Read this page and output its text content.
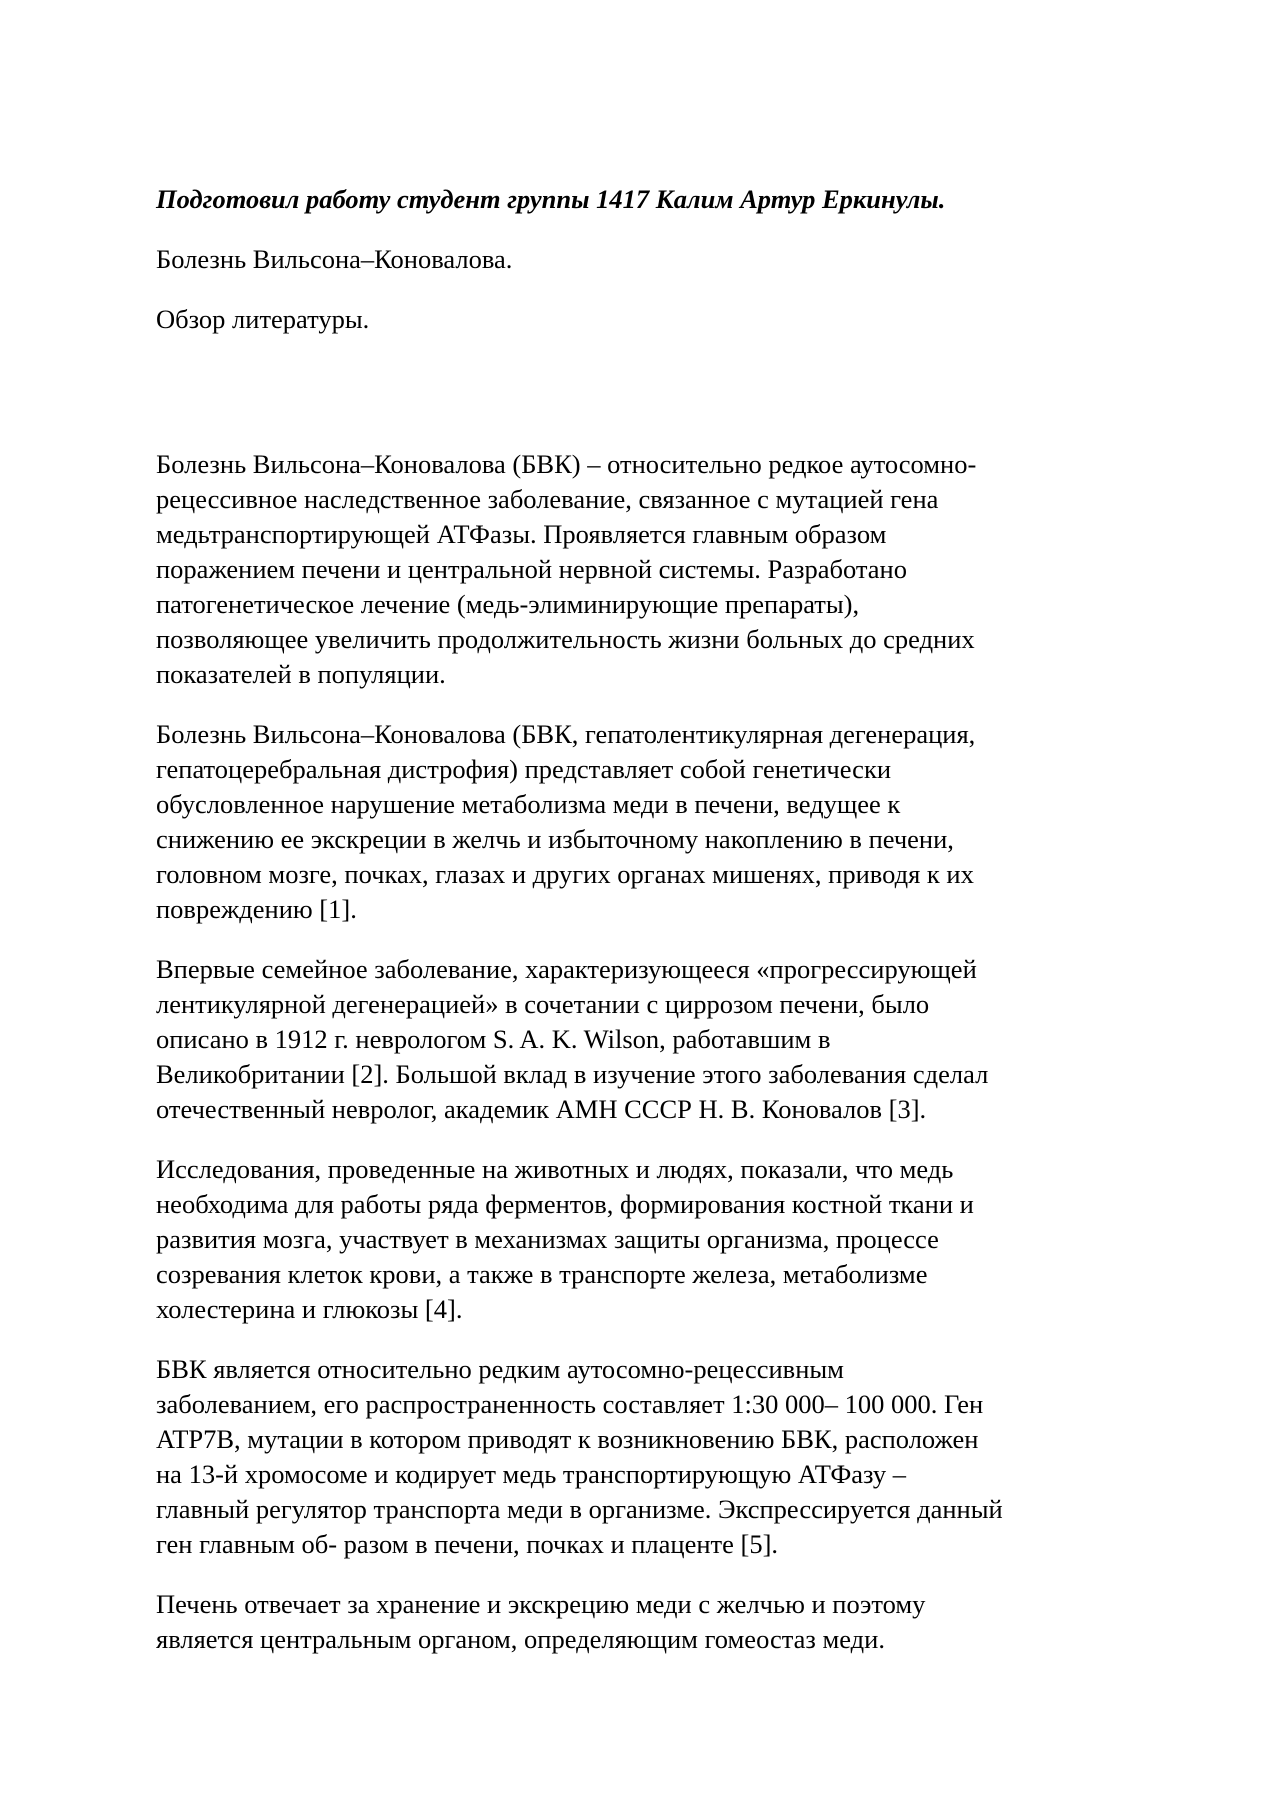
Подготовил работу студент группы 1417 Калим Артур Еркинулы.

Болезнь Вильсона–Коновалова.

Обзор литературы.

Болезнь Вильсона–Коновалова (БВК) – относительно редкое аутосомно-
рецессивное наследственное заболевание, связанное с мутацией гена
медьтранспортирующей АТФазы. Проявляется главным образом
поражением печени и центральной нервной системы. Разработано
патогенетическое лечение (медь-элиминирующие препараты),
позволяющее увеличить продолжительность жизни больных до средних
показателей в популяции.

Болезнь Вильсона–Коновалова (БВК, гепатолентикулярная дегенерация,
гепатоцеребральная дистрофия) представляет собой генетически
обусловленное нарушение метаболизма меди в печени, ведущее к
снижению ее экскреции в желчь и избыточному накоплению в печени,
головном мозге, почках, глазах и других органах мишенях, приводя к их
повреждению [1].

Впервые семейное заболевание, характеризующееся «прогрессирующей
лентикулярной дегенерацией» в сочетании с циррозом печени, было
описано в 1912 г. неврологом S. A. K. Wilson, работавшим в
Великобритании [2]. Большой вклад в изучение этого заболевания сделал
отечественный невролог, академик АМН СССР Н. В. Коновалов [3].

Исследования, проведенные на животных и людях, показали, что медь
необходима для работы ряда ферментов, формирования костной ткани и
развития мозга, участвует в механизмах защиты организма, процессе
созревания клеток крови, а также в транспорте железа, метаболизме
холестерина и глюкозы [4].

БВК является относительно редким аутосомно-рецессивным
заболеванием, его распространенность составляет 1:30 000– 100 000. Ген
ATP7B, мутации в котором приводят к возникновению БВК, расположен
на 13-й хромосоме и кодирует медь транспортирующую АТФазу –
главный регулятор транспорта меди в организме. Экспрессируется данный
ген главным об- разом в печени, почках и плаценте [5].

Печень отвечает за хранение и экскрецию меди с желчью и поэтому
является центральным органом, определяющим гомеостаз меди.
